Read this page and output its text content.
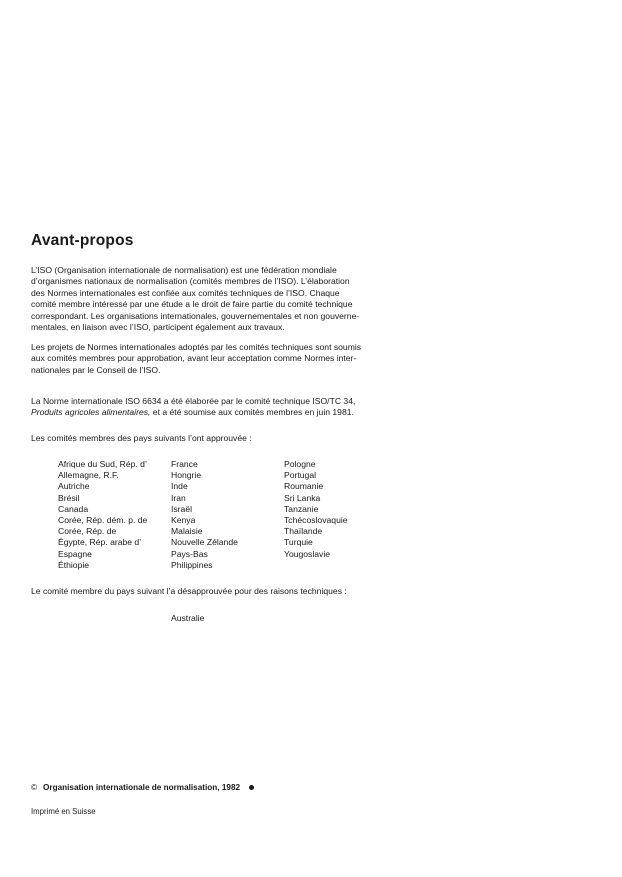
Avant-propos

L’ISO (Organisation internationale de normalisation) est une fédération mondiale
d’organismes nationaux de normalisation (comités membres de l’ISO). L’élaboration
des Normes internationales est confiée aux comités techniques de l’ISO. Chaque
comité membre intéressé par une étude a le droit de faire partie du comité technique
correspondant. Les organisations internationales, gouvernementales et non gouverne-
mentales, en liaison avec l’ISO, participent également aux travaux.

Les projets de Normes internationales adoptés par les comités techniques sont soumis
aux comités membres pour approbation, avant leur acceptation comme Normes inter-
nationales par le Conseil de l’ISO.

La Norme internationale ISO 6634 a été élaborée par le comité technique ISO/TC 34,
Produits agricoles alimentaires, et a été soumise aux comités membres en juin 1981.

Les comités membres des pays suivants l’ont approuvée :

Afrique du Sud, Rép. d’
Allemagne, R.F.
Autriche
Brésil
Canada
Corée, Rép. dém. p. de
Corée, Rép. de
Égypte, Rép. arabe d’
Espagne
Éthiopie
France
Hongrie
Inde
Iran
Israël
Kenya
Malaisie
Nouvelle Zélande
Pays-Bas
Philippines
Pologne
Portugal
Roumanie
Sri Lanka
Tanzanie
Tchécoslovaquie
Thaïlande
Turquie
Yougoslavie

Le comité membre du pays suivant l’a désapprouvée pour des raisons techniques :

Australie
© Organisation internationale de normalisation, 1982
Imprimé en Suisse
